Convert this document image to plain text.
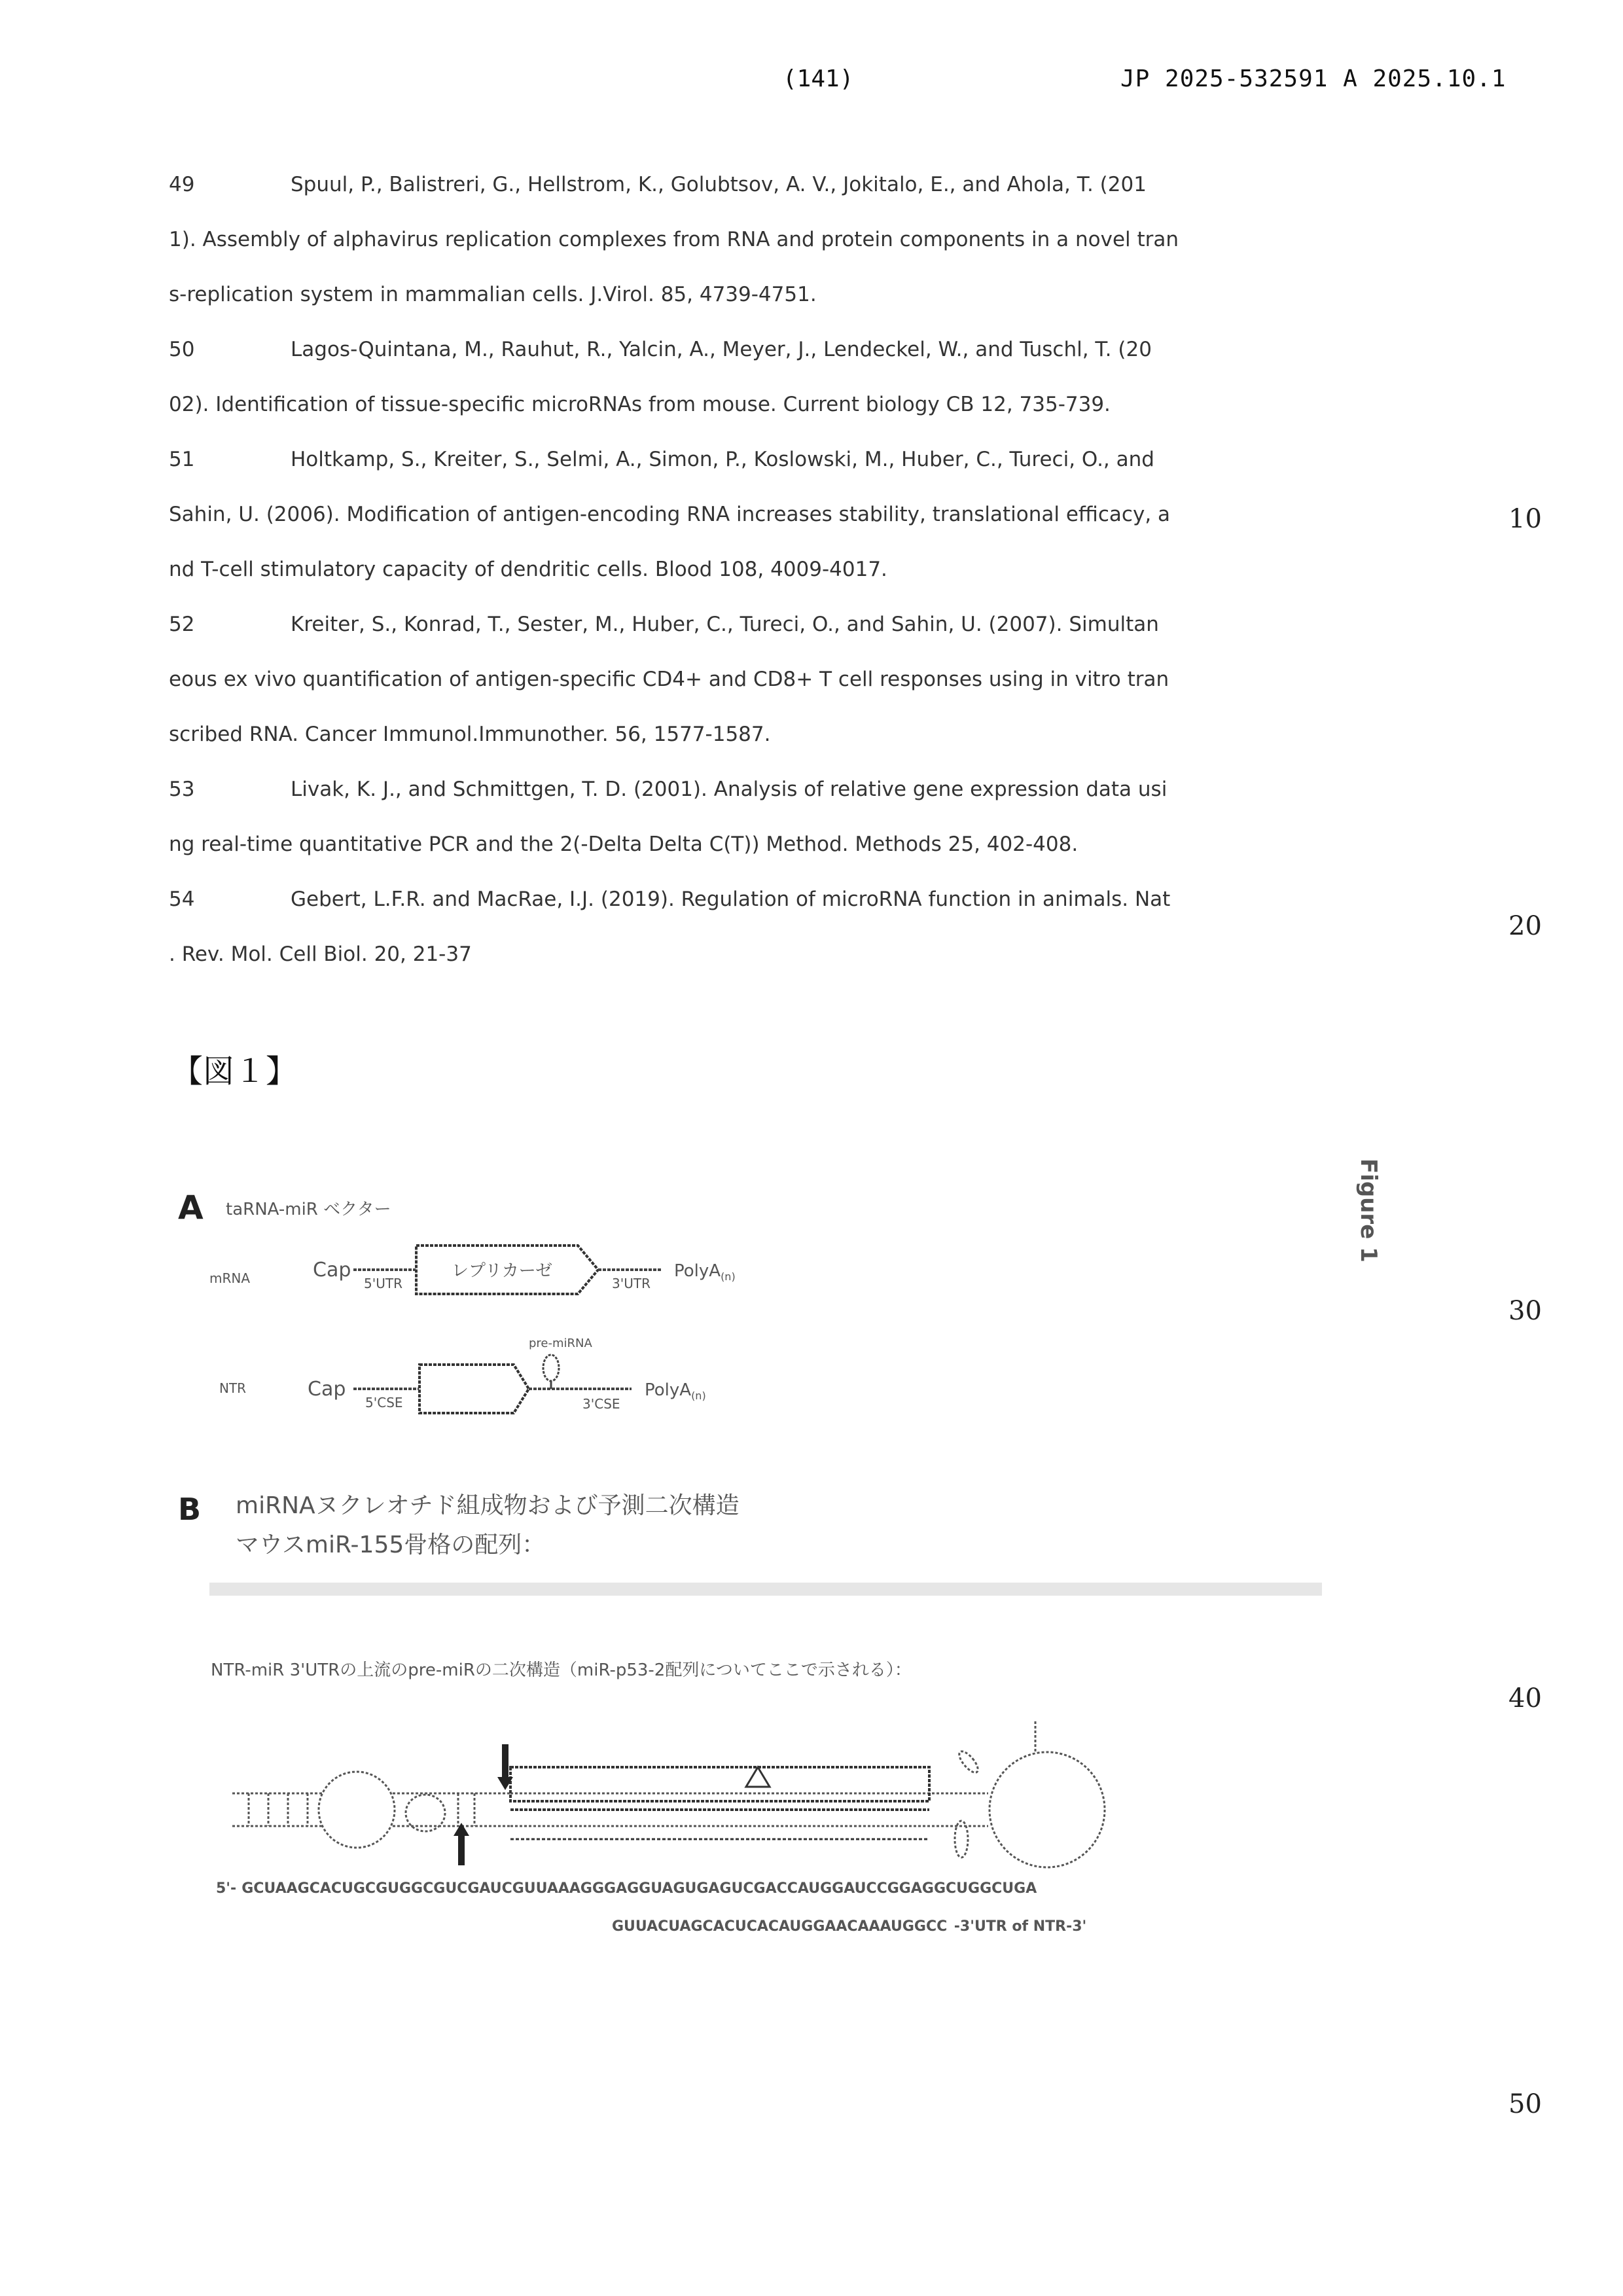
(141)	JP 2025-532591 A 2025.10.1
49	Spuul, P., Balistreri, G., Hellstrom, K., Golubtsov, A. V., Jokitalo, E., and Ahola, T. (201
1). Assembly of alphavirus replication complexes from RNA and protein components in a novel tran
s-replication system in mammalian cells. J.Virol. 85, 4739-4751.
50	Lagos-Quintana, M., Rauhut, R., Yalcin, A., Meyer, J., Lendeckel, W., and Tuschl, T. (20
02). Identification of tissue-specific microRNAs from mouse. Current biology CB 12, 735-739.
51	Holtkamp, S., Kreiter, S., Selmi, A., Simon, P., Koslowski, M., Huber, C., Tureci, O., and
Sahin, U. (2006). Modification of antigen-encoding RNA increases stability, translational efficacy, a
nd T-cell stimulatory capacity of dendritic cells. Blood 108, 4009-4017.
52	Kreiter, S., Konrad, T., Sester, M., Huber, C., Tureci, O., and Sahin, U. (2007). Simultan
eous ex vivo quantification of antigen-specific CD4+ and CD8+ T cell responses using in vitro tran
scribed RNA. Cancer Immunol.Immunother. 56, 1577-1587.
53	Livak, K. J., and Schmittgen, T. D. (2001). Analysis of relative gene expression data usi
ng real-time quantitative PCR and the 2(-Delta Delta C(T)) Method. Methods 25, 402-408.
54	Gebert, L.F.R. and MacRae, I.J. (2019). Regulation of microRNA function in animals. Nat
. Rev. Mol. Cell Biol. 20, 21-37
10
20
30
40
50
【図１】
Figure 1
A taRNA-miR ベクター
mRNA	Cap
5'UTR
レプリカーゼ
3'UTR
PolyA(n)
NTR	Cap
5'CSE
pre-miRNA
3'CSE
PolyA(n)
B miRNAヌクレオチド組成物および予測二次構造
マウスmiR-155骨格の配列：
NTR-miR 3'UTRの上流のpre-miRの二次構造（miR-p53-2配列についてここで示される）：
5'- GCUAAGCACUGCGUGGCGUCGAUCGUUAAAGGGAGGUAGUGAGUCGACCAUGGAUCCGGAGGCUGGCUGA
GUUACUAGCACUCACAUGGAACAAAUGGCC -3'UTR of NTR-3'
